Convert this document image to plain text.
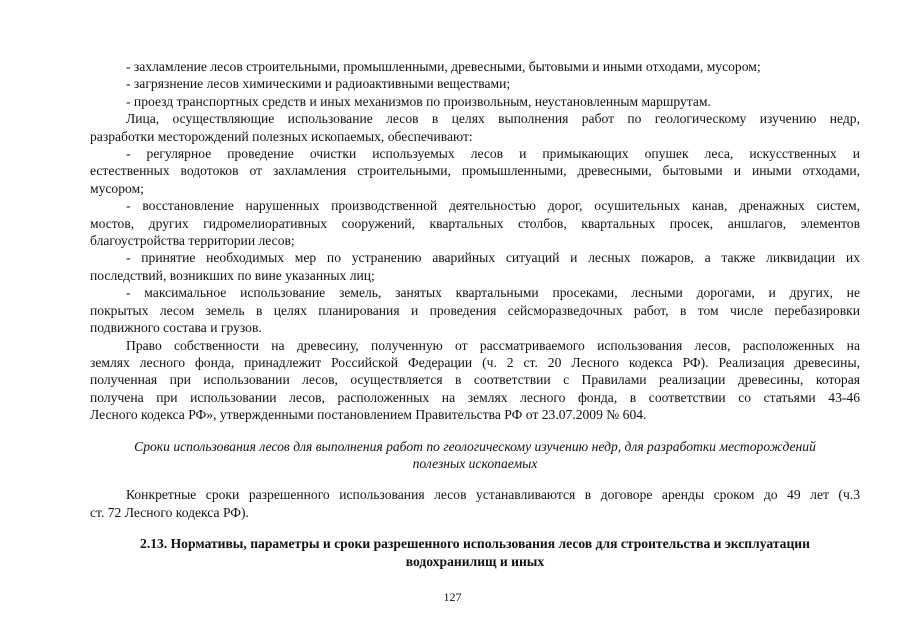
- захламление лесов строительными, промышленными, древесными, бытовыми и иными отходами, мусором;
- загрязнение лесов химическими и радиоактивными веществами;
- проезд транспортных средств и иных механизмов по произвольным, неустановленным маршрутам.
Лица, осуществляющие использование лесов в целях выполнения работ по геологическому изучению недр,
разработки месторождений полезных ископаемых, обеспечивают:
- регулярное проведение очистки используемых лесов и примыкающих опушек леса, искусственных и
естественных водотоков от захламления строительными, промышленными, древесными, бытовыми и иными отходами,
мусором;
- восстановление нарушенных производственной деятельностью дорог, осушительных канав, дренажных систем,
мостов, других гидромелиоративных сооружений, квартальных столбов, квартальных просек, аншлагов, элементов
благоустройства территории лесов;
- принятие необходимых мер по устранению аварийных ситуаций и лесных пожаров, а также ликвидации их
последствий, возникших по вине указанных лиц;
- максимальное использование земель, занятых квартальными просеками, лесными дорогами, и других, не
покрытых лесом земель в целях планирования и проведения сейсморазведочных работ, в том числе перебазировки
подвижного состава и грузов.
Право собственности на древесину, полученную от рассматриваемого использования лесов, расположенных на
землях лесного фонда, принадлежит Российской Федерации (ч. 2 ст. 20 Лесного кодекса РФ). Реализация древесины,
полученная при использовании лесов, осуществляется в соответствии с Правилами реализации древесины, которая
получена при использовании лесов, расположенных на землях лесного фонда, в соответствии со статьями 43-46
Лесного кодекса РФ», утвержденными постановлением Правительства РФ от 23.07.2009 № 604.
Сроки использования лесов для выполнения работ по геологическому изучению недр, для разработки месторождений
полезных ископаемых
Конкретные сроки разрешенного использования лесов устанавливаются в договоре аренды сроком до 49 лет (ч.3
ст. 72 Лесного кодекса РФ).
2.13. Нормативы, параметры и сроки разрешенного использования лесов для строительства и эксплуатации
водохранилищ и иных
127
